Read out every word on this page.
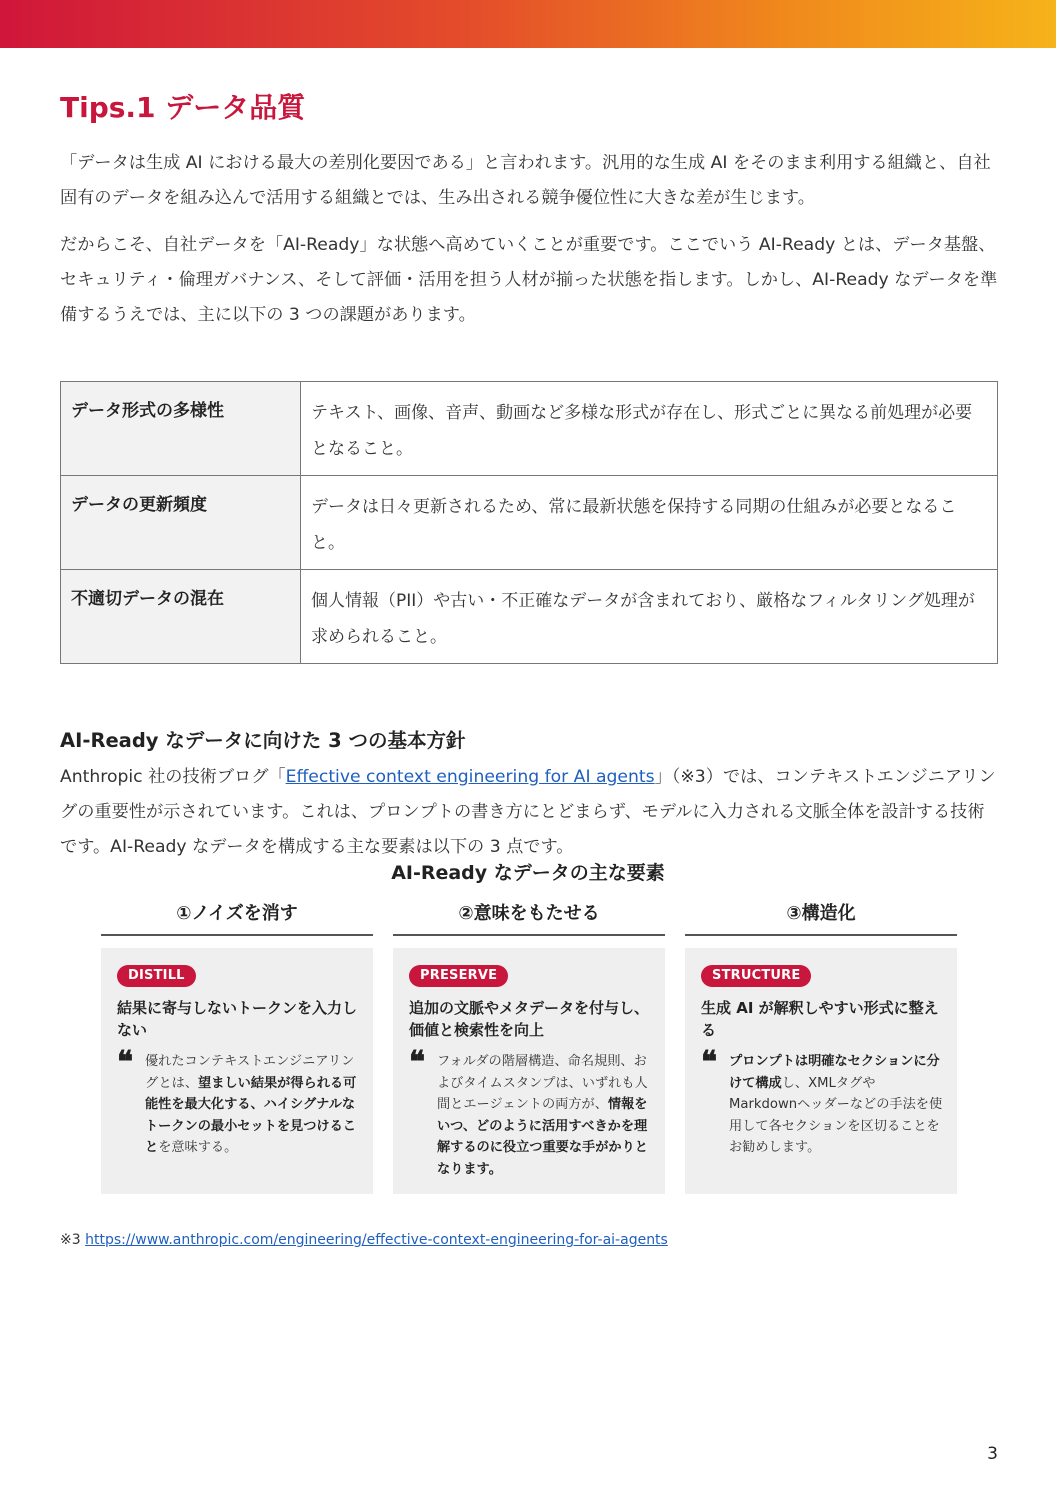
Tips.1 データ品質

「データは生成 AI における最大の差別化要因である」と言われます。汎用的な生成 AI をそのまま利用する組織と、自社固有のデータを組み込んで活用する組織とでは、生み出される競争優位性に大きな差が生じます。

だからこそ、自社データを「AI-Ready」な状態へ高めていくことが重要です。ここでいう AI-Ready とは、データ基盤、セキュリティ・倫理ガバナンス、そして評価・活用を担う人材が揃った状態を指します。しかし、AI-Ready なデータを準備するうえでは、主に以下の 3 つの課題があります。

データ形式の多様性	テキスト、画像、音声、動画など多様な形式が存在し、形式ごとに異なる前処理が必要となること。
データの更新頻度	データは日々更新されるため、常に最新状態を保持する同期の仕組みが必要となること。
不適切データの混在	個人情報（PII）や古い・不正確なデータが含まれており、厳格なフィルタリング処理が求められること。
AI-Ready なデータに向けた 3 つの基本方針

Anthropic 社の技術ブログ「Effective context engineering for AI agents」（※3）では、コンテキストエンジニアリングの重要性が示されています。これは、プロンプトの書き方にとどまらず、モデルに入力される文脈全体を設計する技術です。AI-Ready なデータを構成する主な要素は以下の 3 点です。

AI-Ready なデータの主な要素
①ノイズを消す
DISTILL
結果に寄与しないトークンを入力しない
❝ 優れたコンテキストエンジニアリングとは、望ましい結果が得られる可能性を最大化する、ハイシグナルなトークンの最小セットを見つけることを意味する。
②意味をもたせる
PRESERVE
追加の文脈やメタデータを付与し、価値と検索性を向上
❝ フォルダの階層構造、命名規則、およびタイムスタンプは、いずれも人間とエージェントの両方が、情報をいつ、どのように活用すべきかを理解するのに役立つ重要な手がかりとなります。
③構造化
STRUCTURE
生成 AI が解釈しやすい形式に整える
❝ プロンプトは明確なセクションに分けて構成し、XMLタグやMarkdownヘッダーなどの手法を使用して各セクションを区切ることをお勧めします。
※3 https://www.anthropic.com/engineering/effective-context-engineering-for-ai-agents
3
